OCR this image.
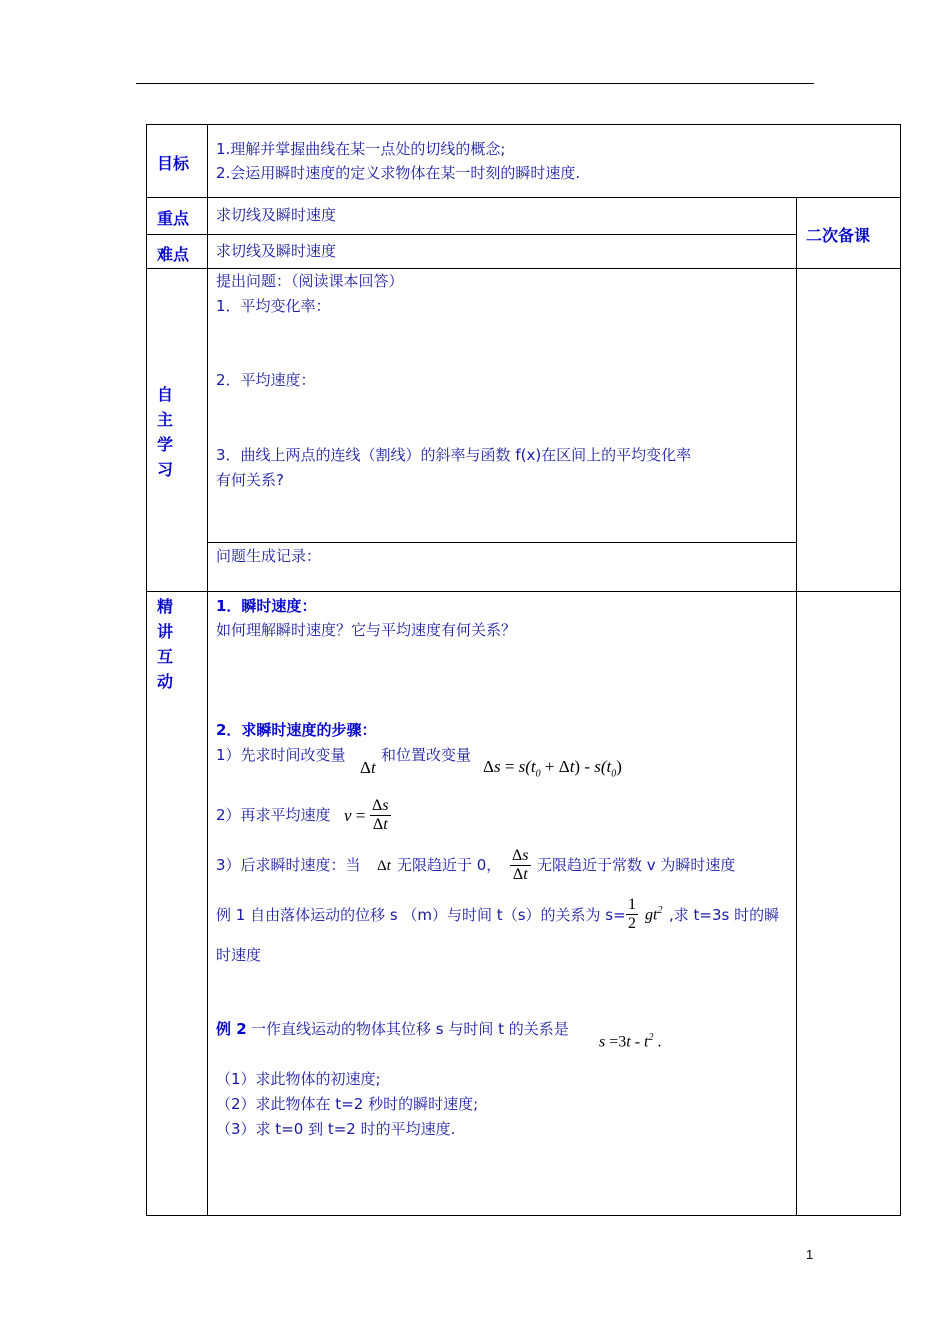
目标
1.理解并掌握曲线在某一点处的切线的概念;
2.会运用瞬时速度的定义求物体在某一时刻的瞬时速度.
重点 求切线及瞬时速度
难点 求切线及瞬时速度
二次备课
自
主
学
习
提出问题：（阅读课本回答）
1．平均变化率：
2．平均速度：
3．曲线上两点的连线（割线）的斜率与函数 f(x)在区间上的平均变化率
有何关系?
问题生成记录：
精
讲
互
动
1．瞬时速度：
如何理解瞬时速度？它与平均速度有何关系？
2．求瞬时速度的步骤：
1）先求时间改变量
Δt
和位置改变量
$\Delta s = s(t_0 + \Delta t) - s(t_0)$
2）再求平均速度 $v = \frac{\Delta s}{\Delta t}$
3）后求瞬时速度：当 Δt 无限趋近于 0， $\frac{\Delta s}{\Delta t}$ 无限趋近于常数 v 为瞬时速度
例 1 自由落体运动的位移 s （m）与时间 t（s）的关系为 $s= \frac{1}{2} gt^2$ ,求 t=3s 时的瞬
时速度
例 2 一作直线运动的物体其位移 s 与时间 t 的关系是
$s =3t - t^2$ .
（1）求此物体的初速度;
（2）求此物体在 t=2 秒时的瞬时速度;
（3）求 t=0 到 t=2 时的平均速度.
1
